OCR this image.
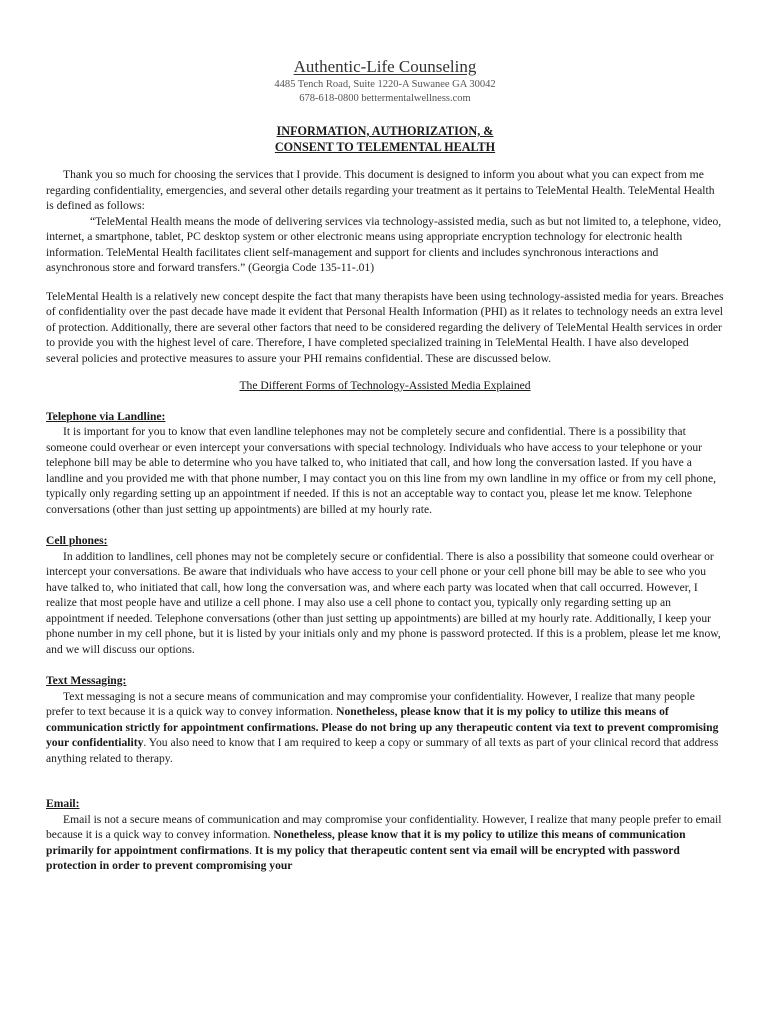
Authentic-Life Counseling
4485 Tench Road, Suite 1220-A Suwanee GA 30042
678-618-0800 bettermentalwellness.com
INFORMATION, AUTHORIZATION, &
CONSENT TO TELEMENTAL HEALTH

Thank you so much for choosing the services that I provide. This document is designed to inform you about what you can expect from me regarding confidentiality, emergencies, and several other details regarding your treatment as it pertains to TeleMental Health. TeleMental Health is defined as follows:

“TeleMental Health means the mode of delivering services via technology-assisted media, such as but not limited to, a telephone, video, internet, a smartphone, tablet, PC desktop system or other electronic means using appropriate encryption technology for electronic health information. TeleMental Health facilitates client self-management and support for clients and includes synchronous interactions and asynchronous store and forward transfers.” (Georgia Code 135-11-.01)

TeleMental Health is a relatively new concept despite the fact that many therapists have been using technology-assisted media for years. Breaches of confidentiality over the past decade have made it evident that Personal Health Information (PHI) as it relates to technology needs an extra level of protection. Additionally, there are several other factors that need to be considered regarding the delivery of TeleMental Health services in order to provide you with the highest level of care. Therefore, I have completed specialized training in TeleMental Health. I have also developed several policies and protective measures to assure your PHI remains confidential. These are discussed below.

The Different Forms of Technology-Assisted Media Explained

Telephone via Landline:

It is important for you to know that even landline telephones may not be completely secure and confidential. There is a possibility that someone could overhear or even intercept your conversations with special technology. Individuals who have access to your telephone or your telephone bill may be able to determine who you have talked to, who initiated that call, and how long the conversation lasted. If you have a landline and you provided me with that phone number, I may contact you on this line from my own landline in my office or from my cell phone, typically only regarding setting up an appointment if needed. If this is not an acceptable way to contact you, please let me know. Telephone conversations (other than just setting up appointments) are billed at my hourly rate.

Cell phones:

In addition to landlines, cell phones may not be completely secure or confidential. There is also a possibility that someone could overhear or intercept your conversations. Be aware that individuals who have access to your cell phone or your cell phone bill may be able to see who you have talked to, who initiated that call, how long the conversation was, and where each party was located when that call occurred. However, I realize that most people have and utilize a cell phone. I may also use a cell phone to contact you, typically only regarding setting up an appointment if needed. Telephone conversations (other than just setting up appointments) are billed at my hourly rate. Additionally, I keep your phone number in my cell phone, but it is listed by your initials only and my phone is password protected. If this is a problem, please let me know, and we will discuss our options.

Text Messaging:

Text messaging is not a secure means of communication and may compromise your confidentiality. However, I realize that many people prefer to text because it is a quick way to convey information. Nonetheless, please know that it is my policy to utilize this means of communication strictly for appointment confirmations. Please do not bring up any therapeutic content via text to prevent compromising your confidentiality. You also need to know that I am required to keep a copy or summary of all texts as part of your clinical record that address anything related to therapy.

Email:

Email is not a secure means of communication and may compromise your confidentiality. However, I realize that many people prefer to email because it is a quick way to convey information. Nonetheless, please know that it is my policy to utilize this means of communication primarily for appointment confirmations. It is my policy that therapeutic content sent via email will be encrypted with password protection in order to prevent compromising your
